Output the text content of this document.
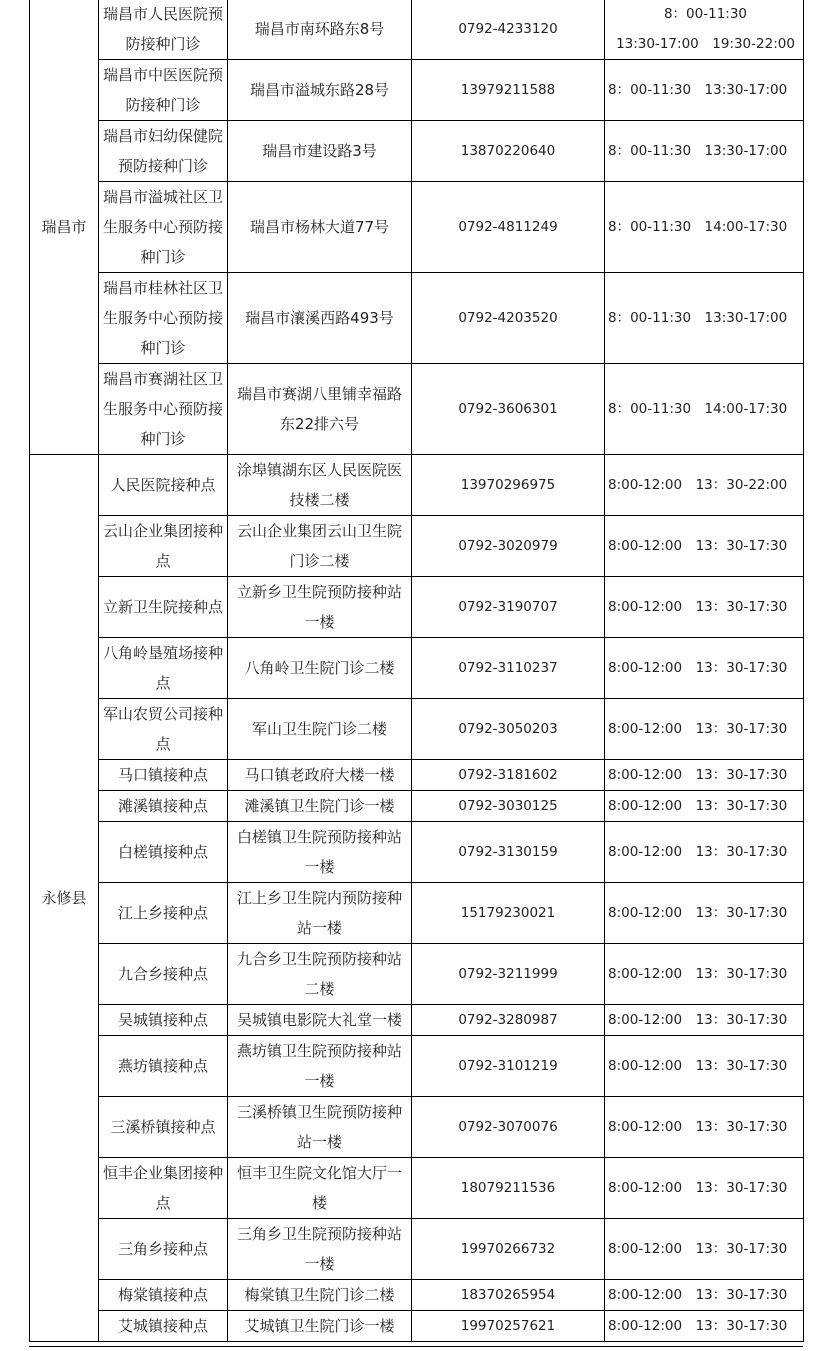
瑞昌市	瑞昌市人民医院预防接种门诊	瑞昌市南环路东8号	0792-4233120	8：00-11:30
13:30-17:00　19:30-22:00

	瑞昌市中医医院预防接种门诊	瑞昌市溢城东路28号	13979211588	8：00-11:30　13:30-17:00
	瑞昌市妇幼保健院预防接种门诊	瑞昌市建设路3号	13870220640	8：00-11:30　13:30-17:00
	瑞昌市溢城社区卫生服务中心预防接种门诊	瑞昌市杨林大道77号	0792-4811249	8：00-11:30　14:00-17:30
	瑞昌市桂林社区卫生服务中心预防接种门诊	瑞昌市瀼溪西路493号	0792-4203520	8：00-11:30　13:30-17:00
	瑞昌市赛湖社区卫生服务中心预防接种门诊	瑞昌市赛湖八里铺幸福路东22排六号	0792-3606301	8：00-11:30　14:00-17:30
永修县	人民医院接种点	涂埠镇湖东区人民医院医技楼二楼	13970296975	8:00-12:00　13：30-22:00
	云山企业集团接种点	云山企业集团云山卫生院门诊二楼	0792-3020979	8:00-12:00　13：30-17:30
	立新卫生院接种点	立新乡卫生院预防接种站一楼	0792-3190707	8:00-12:00　13：30-17:30
	八角岭垦殖场接种点	八角岭卫生院门诊二楼	0792-3110237	8:00-12:00　13：30-17:30
	军山农贸公司接种点	军山卫生院门诊二楼	0792-3050203	8:00-12:00　13：30-17:30
	马口镇接种点	马口镇老政府大楼一楼	0792-3181602	8:00-12:00　13：30-17:30
	滩溪镇接种点	滩溪镇卫生院门诊一楼	0792-3030125	8:00-12:00　13：30-17:30
	白槎镇接种点	白槎镇卫生院预防接种站一楼	0792-3130159	8:00-12:00　13：30-17:30
	江上乡接种点	江上乡卫生院内预防接种站一楼	15179230021	8:00-12:00　13：30-17:30
	九合乡接种点	九合乡卫生院预防接种站二楼	0792-3211999	8:00-12:00　13：30-17:30
	吴城镇接种点	吴城镇电影院大礼堂一楼	0792-3280987	8:00-12:00　13：30-17:30
	燕坊镇接种点	燕坊镇卫生院预防接种站一楼	0792-3101219	8:00-12:00　13：30-17:30
	三溪桥镇接种点	三溪桥镇卫生院预防接种站一楼	0792-3070076	8:00-12:00　13：30-17:30
	恒丰企业集团接种点	恒丰卫生院文化馆大厅一楼	18079211536	8:00-12:00　13：30-17:30
	三角乡接种点	三角乡卫生院预防接种站一楼	19970266732	8:00-12:00　13：30-17:30
	梅棠镇接种点	梅棠镇卫生院门诊二楼	18370265954	8:00-12:00　13：30-17:30
	艾城镇接种点	艾城镇卫生院门诊一楼	19970257621	8:00-12:00　13：30-17:30
